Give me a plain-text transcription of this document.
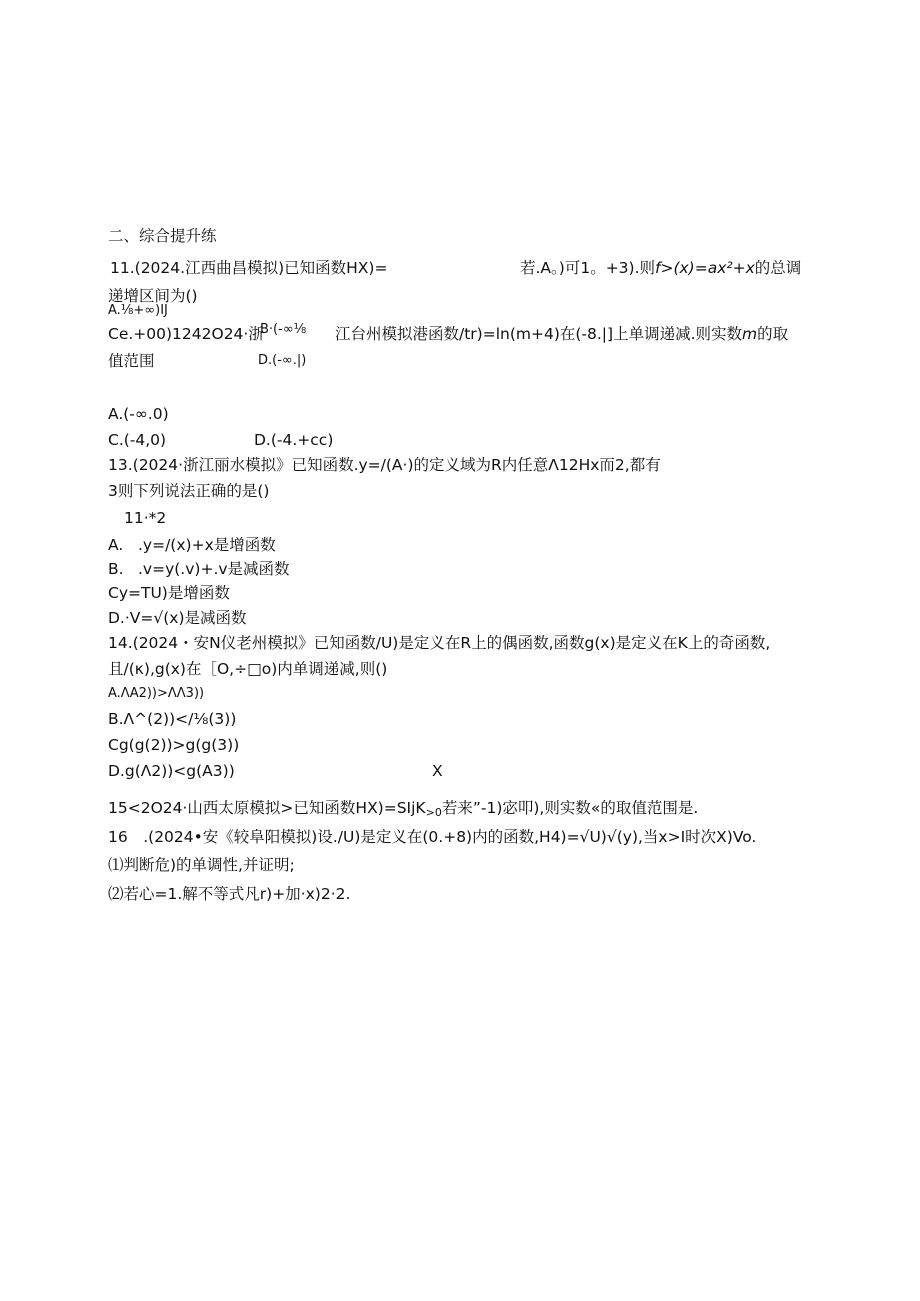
二、综合提升练
11.(2024.江西曲昌模拟)已知函数HX)=	若.A。)可1。+3).则f>(x)=ax²+x的总调
递增区间为()
A.⅛+∞)IJ
Ce.+00)1242O24·浙
B·(-∞⅛ 江台州模拟港函数/tr)=ln(m+4)在(-8.|]上单调递减.则实数m的取
值范围	D.(-∞.|)
A.(-∞.0)
C.(-4,0)	D.(-4.+cc)
13.(2024·浙江丽水模拟》已知函数.y=/(A·)的定义域为R内任意Λ12Hx而2,都有
3则下列说法正确的是()
11·*2
A. .y=/(x)+x是增函数
B. .v=y(.v)+.v是减函数
Cy=TU)是增函数
D.·V=√(x)是减函数
14.(2024・安N仪老州模拟》已知函数/U)是定义在R上的偶函数,函数g(x)是定义在K上的奇函数,
且/(κ),g(x)在［O,÷□o)内单调递减,则()
A.ΛA2))>ΛΛ3))
B.Λ^(2))</⅛(3))
Cg(g(2))>g(g(3))
D.g(Λ2))<g(A3))	X
15<2O24·山西太原模拟>已知函数HX)=SIjK>0若来”-1)宓叩),则实数«的取值范围是.
16　.(2024•安《较阜阳模拟)设./U)是定义在(0.+8)内的函数,H4)=√U)√(y),当x>I时次X)Vo.
⑴判断危)的单调性,并证明;
⑵若心=1.解不等式凡r)+加·x)2·2.
